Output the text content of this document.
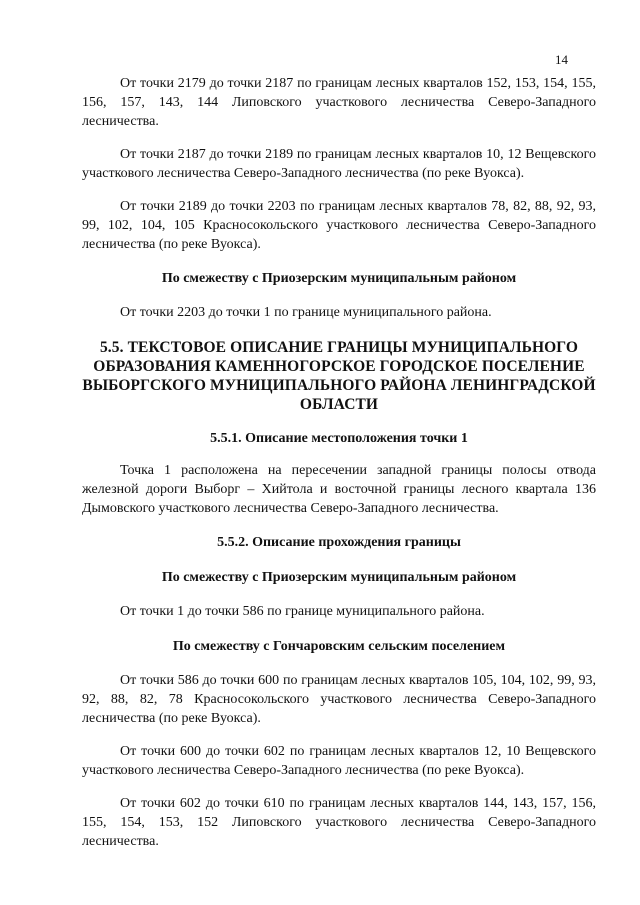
14

От точки 2179 до точки 2187 по границам лесных кварталов 152, 153, 154, 155, 156, 157, 143, 144 Липовского участкового лесничества Северо-Западного лесничества.

От точки 2187 до точки 2189 по границам лесных кварталов 10, 12 Вещевского участкового лесничества Северо-Западного лесничества (по реке Вуокса).

От точки 2189 до точки 2203 по границам лесных кварталов 78, 82, 88, 92, 93, 99, 102, 104, 105 Красносокольского участкового лесничества Северо-Западного лесничества (по реке Вуокса).

По смежеству с Приозерским муниципальным районом

От точки 2203 до точки 1 по границе муниципального района.

5.5. ТЕКСТОВОЕ ОПИСАНИЕ ГРАНИЦЫ МУНИЦИПАЛЬНОГО ОБРАЗОВАНИЯ КАМЕННОГОРСКОЕ ГОРОДСКОЕ ПОСЕЛЕНИЕ ВЫБОРГСКОГО МУНИЦИПАЛЬНОГО РАЙОНА ЛЕНИНГРАДСКОЙ ОБЛАСТИ
5.5.1. Описание местоположения точки 1

Точка 1 расположена на пересечении западной границы полосы отвода железной дороги Выборг – Хийтола и восточной границы лесного квартала 136 Дымовского участкового лесничества Северо-Западного лесничества.

5.5.2. Описание прохождения границы
По смежеству с Приозерским муниципальным районом

От точки 1 до точки 586 по границе муниципального района.

По смежеству с Гончаровским сельским поселением

От точки 586 до точки 600 по границам лесных кварталов 105, 104, 102, 99, 93, 92, 88, 82, 78 Красносокольского участкового лесничества Северо-Западного лесничества (по реке Вуокса).

От точки 600 до точки 602 по границам лесных кварталов 12, 10 Вещевского участкового лесничества Северо-Западного лесничества (по реке Вуокса).

От точки 602 до точки 610 по границам лесных кварталов 144, 143, 157, 156, 155, 154, 153, 152 Липовского участкового лесничества Северо-Западного лесничества.
